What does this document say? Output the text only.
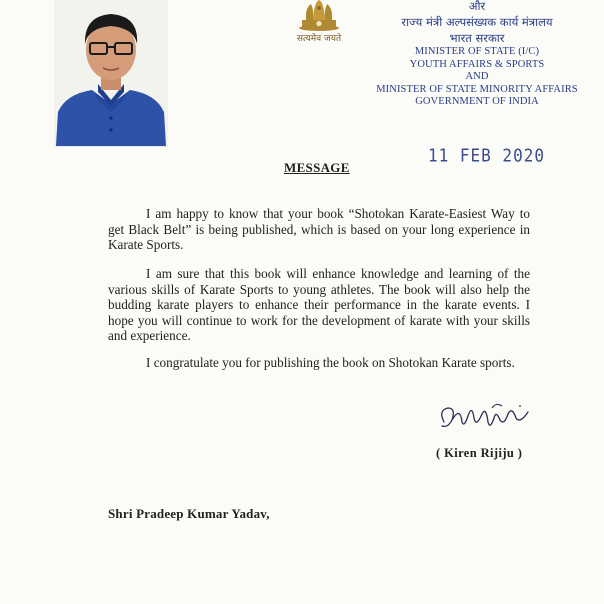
सत्यमेव जयते
और
राज्य मंत्री अल्पसंख्यक कार्य मंत्रालय
भारत सरकार
MINISTER OF STATE (I/C)
YOUTH AFFAIRS & SPORTS
AND
MINISTER OF STATE MINORITY AFFAIRS
GOVERNMENT OF INDIA
11 FEB 2020
MESSAGE
I am happy to know that your book “Shotokan Karate-Easiest Way to get Black Belt” is being published, which is based on your long experience in Karate Sports.
I am sure that this book will enhance knowledge and learning of the various skills of Karate Sports to young athletes. The book will also help the budding karate players to enhance their performance in the karate events. I hope you will continue to work for the development of karate with your skills and experience.
I congratulate you for publishing the book on Shotokan Karate sports.
( Kiren Rijiju )
Shri Pradeep Kumar Yadav,
